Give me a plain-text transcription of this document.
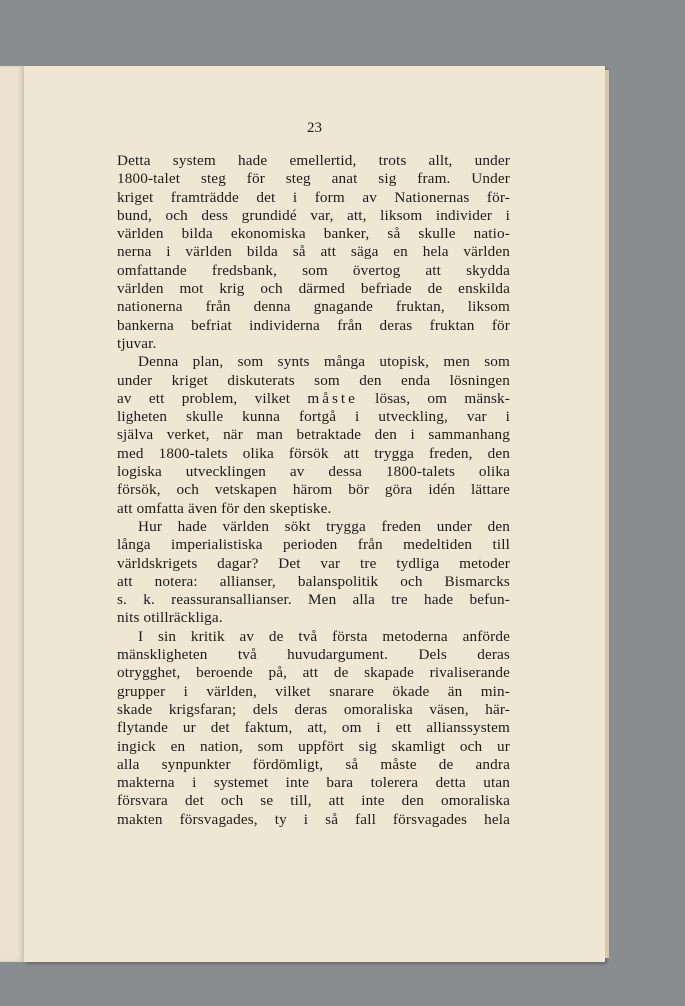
23
Detta system hade emellertid, trots allt, under
1800-talet steg för steg anat sig fram. Under
kriget framträdde det i form av Nationernas för-
bund, och dess grundidé var, att, liksom individer i
världen bilda ekonomiska banker, så skulle natio-
nerna i världen bilda så att säga en hela världen
omfattande fredsbank, som övertog att skydda
världen mot krig och därmed befriade de enskilda
nationerna från denna gnagande fruktan, liksom
bankerna befriat individerna från deras fruktan för
tjuvar.
Denna plan, som synts många utopisk, men som
under kriget diskuterats som den enda lösningen
av ett problem, vilket måste lösas, om mänsk-
ligheten skulle kunna fortgå i utveckling, var i
själva verket, när man betraktade den i sammanhang
med 1800-talets olika försök att trygga freden, den
logiska utvecklingen av dessa 1800-talets olika
försök, och vetskapen härom bör göra idén lättare
att omfatta även för den skeptiske.
Hur hade världen sökt trygga freden under den
långa imperialistiska perioden från medeltiden till
världskrigets dagar? Det var tre tydliga metoder
att notera: allianser, balanspolitik och Bismarcks
s. k. reassuransallianser. Men alla tre hade befun-
nits otillräckliga.
I sin kritik av de två första metoderna anförde
mänskligheten två huvudargument. Dels deras
otrygghet, beroende på, att de skapade rivaliserande
grupper i världen, vilket snarare ökade än min-
skade krigsfaran; dels deras omoraliska väsen, här-
flytande ur det faktum, att, om i ett allianssystem
ingick en nation, som uppfört sig skamligt och ur
alla synpunkter fördömligt, så måste de andra
makterna i systemet inte bara tolerera detta utan
försvara det och se till, att inte den omoraliska
makten försvagades, ty i så fall försvagades hela
